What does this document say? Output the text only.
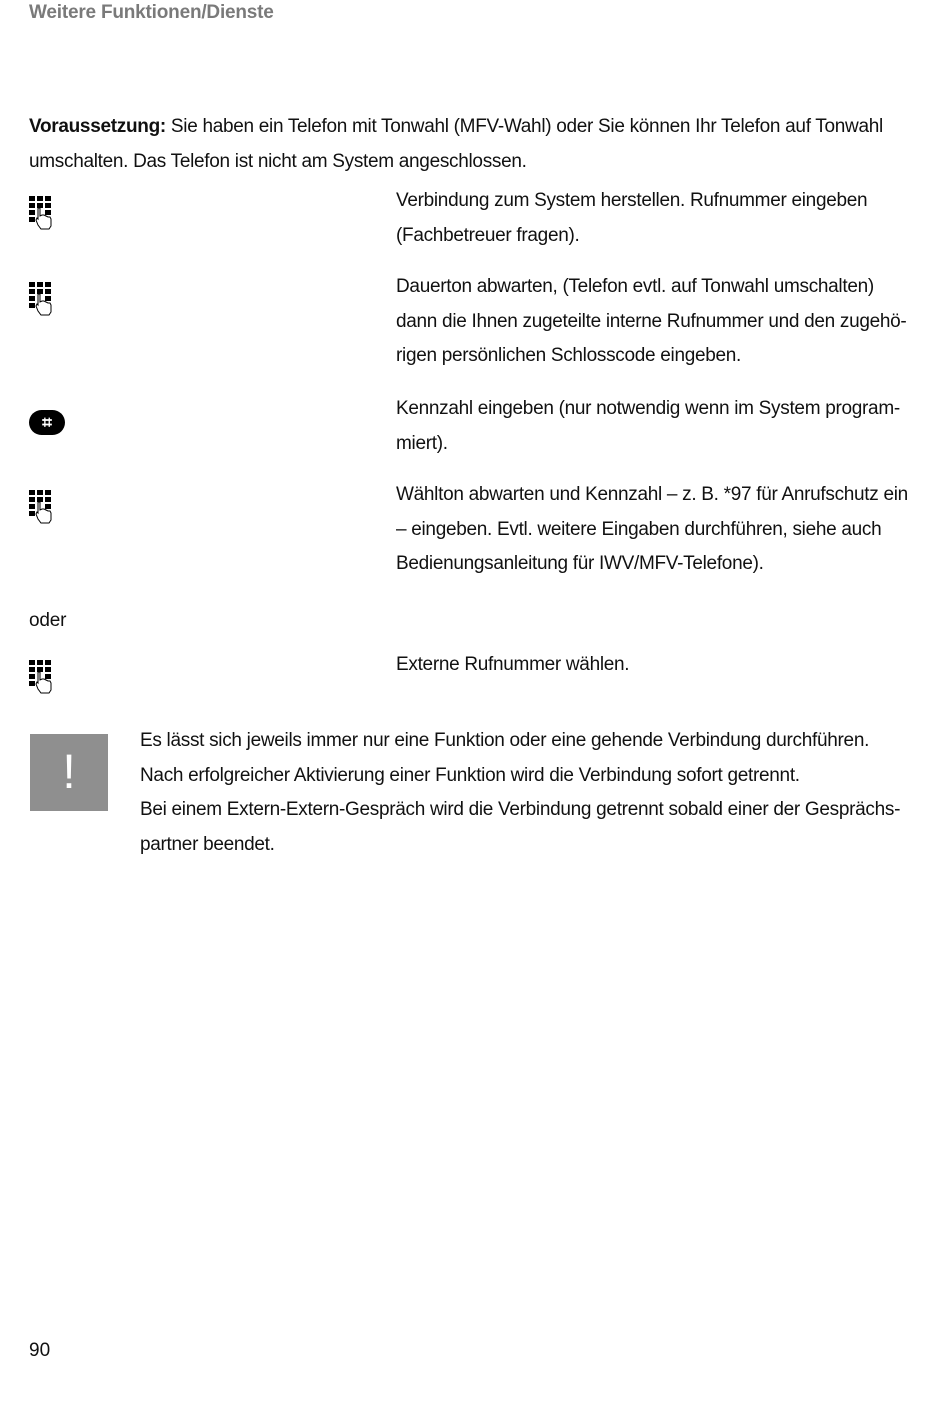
Weitere Funktionen/Dienste
Voraussetzung: Sie haben ein Telefon mit Tonwahl (MFV-Wahl) oder Sie können Ihr Telefon auf Tonwahl umschalten. Das Telefon ist nicht am System angeschlossen.
Verbindung zum System herstellen. Rufnummer eingeben (Fachbetreuer fragen).
Dauerton abwarten, (Telefon evtl. auf Tonwahl umschalten) dann die Ihnen zugeteilte interne Rufnummer und den zugehörigen persönlichen Schlosscode eingeben.
⌗
Kennzahl eingeben (nur notwendig wenn im System programmiert).
Wählton abwarten und Kennzahl – z. B. *97 für Anrufschutz ein – eingeben. Evtl. weitere Eingaben durchführen, siehe auch Bedienungsanleitung für IWV/MFV-Telefone).
oder
Externe Rufnummer wählen.
!

Es lässt sich jeweils immer nur eine Funktion oder eine gehende Verbindung durchführen.

Nach erfolgreicher Aktivierung einer Funktion wird die Verbindung sofort getrennt.

Bei einem Extern-Extern-Gespräch wird die Verbindung getrennt sobald einer der Gesprächspartner beendet.

90
